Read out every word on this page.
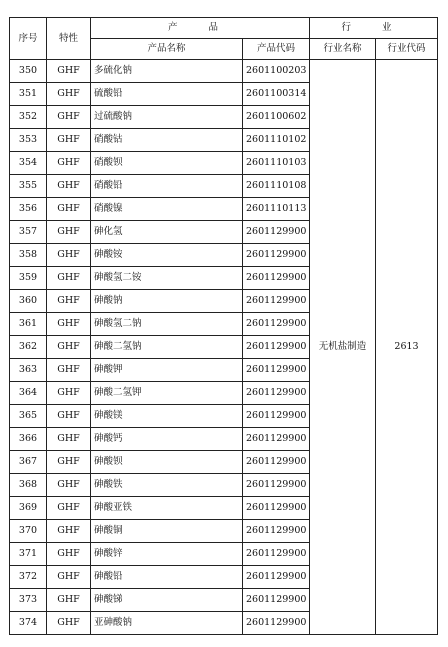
序号	特性	产 品		行 业	
		产品名称	产品代码	行业名称	行业代码
350	GHF	多硫化钠	2601100203	无机盐制造	2613
351	GHF	硫酸铅	2601100314		
352	GHF	过硫酸钠	2601100602		
353	GHF	硝酸钴	2601110102		
354	GHF	硝酸钡	2601110103		
355	GHF	硝酸铅	2601110108		
356	GHF	硝酸镍	2601110113		
357	GHF	砷化氢	2601129900		
358	GHF	砷酸铵	2601129900		
359	GHF	砷酸氢二铵	2601129900		
360	GHF	砷酸钠	2601129900		
361	GHF	砷酸氢二钠	2601129900		
362	GHF	砷酸二氢钠	2601129900		
363	GHF	砷酸钾	2601129900		
364	GHF	砷酸二氢钾	2601129900		
365	GHF	砷酸镁	2601129900		
366	GHF	砷酸钙	2601129900		
367	GHF	砷酸钡	2601129900		
368	GHF	砷酸铁	2601129900		
369	GHF	砷酸亚铁	2601129900		
370	GHF	砷酸铜	2601129900		
371	GHF	砷酸锌	2601129900		
372	GHF	砷酸铅	2601129900		
373	GHF	砷酸锑	2601129900		
374	GHF	亚砷酸钠	2601129900		
